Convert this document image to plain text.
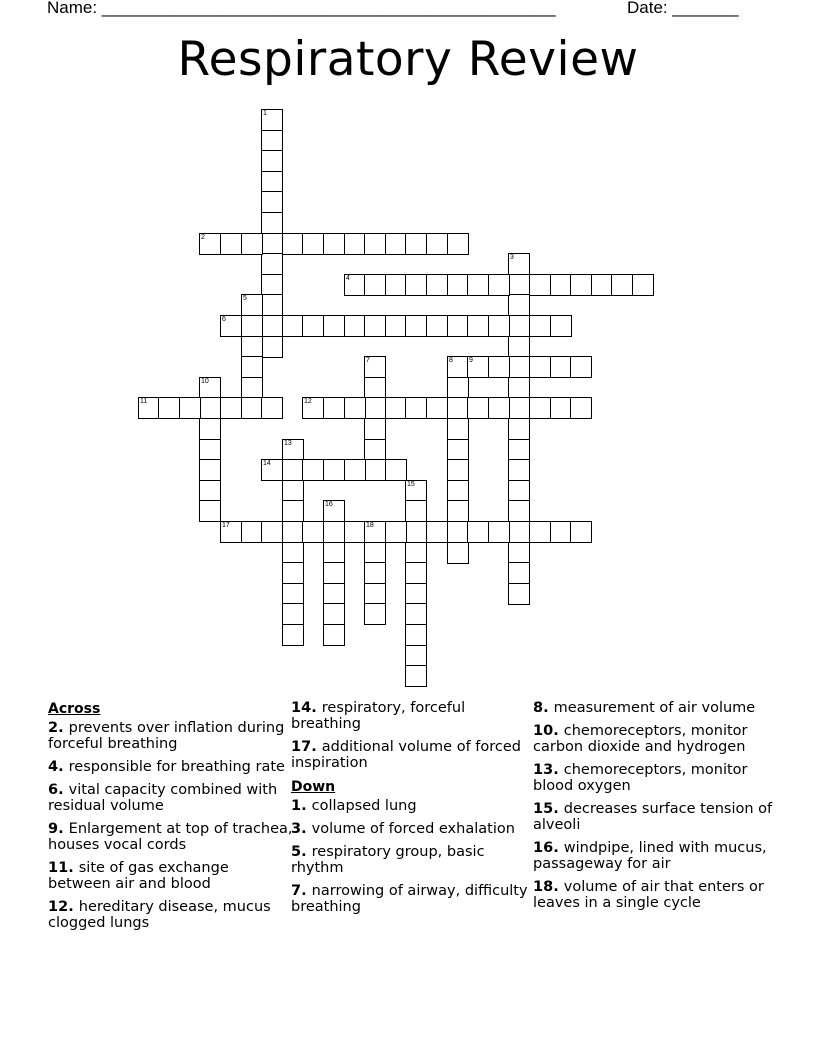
Name: ________________________________________________	Date: _______
Respiratory Review
1
2
3
4
5
6
7	8 9
10
11	12
13
14
15
16
17	18
Across
2. prevents over inflation during forceful breathing
4. responsible for breathing rate
6. vital capacity combined with residual volume
9. Enlargement at top of trachea, houses vocal cords
11. site of gas exchange between air and blood
12. hereditary disease, mucus clogged lungs
14. respiratory, forceful breathing
17. additional volume of forced inspiration
Down
1. collapsed lung
3. volume of forced exhalation
5. respiratory group, basic rhythm
7. narrowing of airway, difficulty breathing
8. measurement of air volume
10. chemoreceptors, monitor carbon dioxide and hydrogen
13. chemoreceptors, monitor blood oxygen
15. decreases surface tension of alveoli
16. windpipe, lined with mucus, passageway for air
18. volume of air that enters or leaves in a single cycle
